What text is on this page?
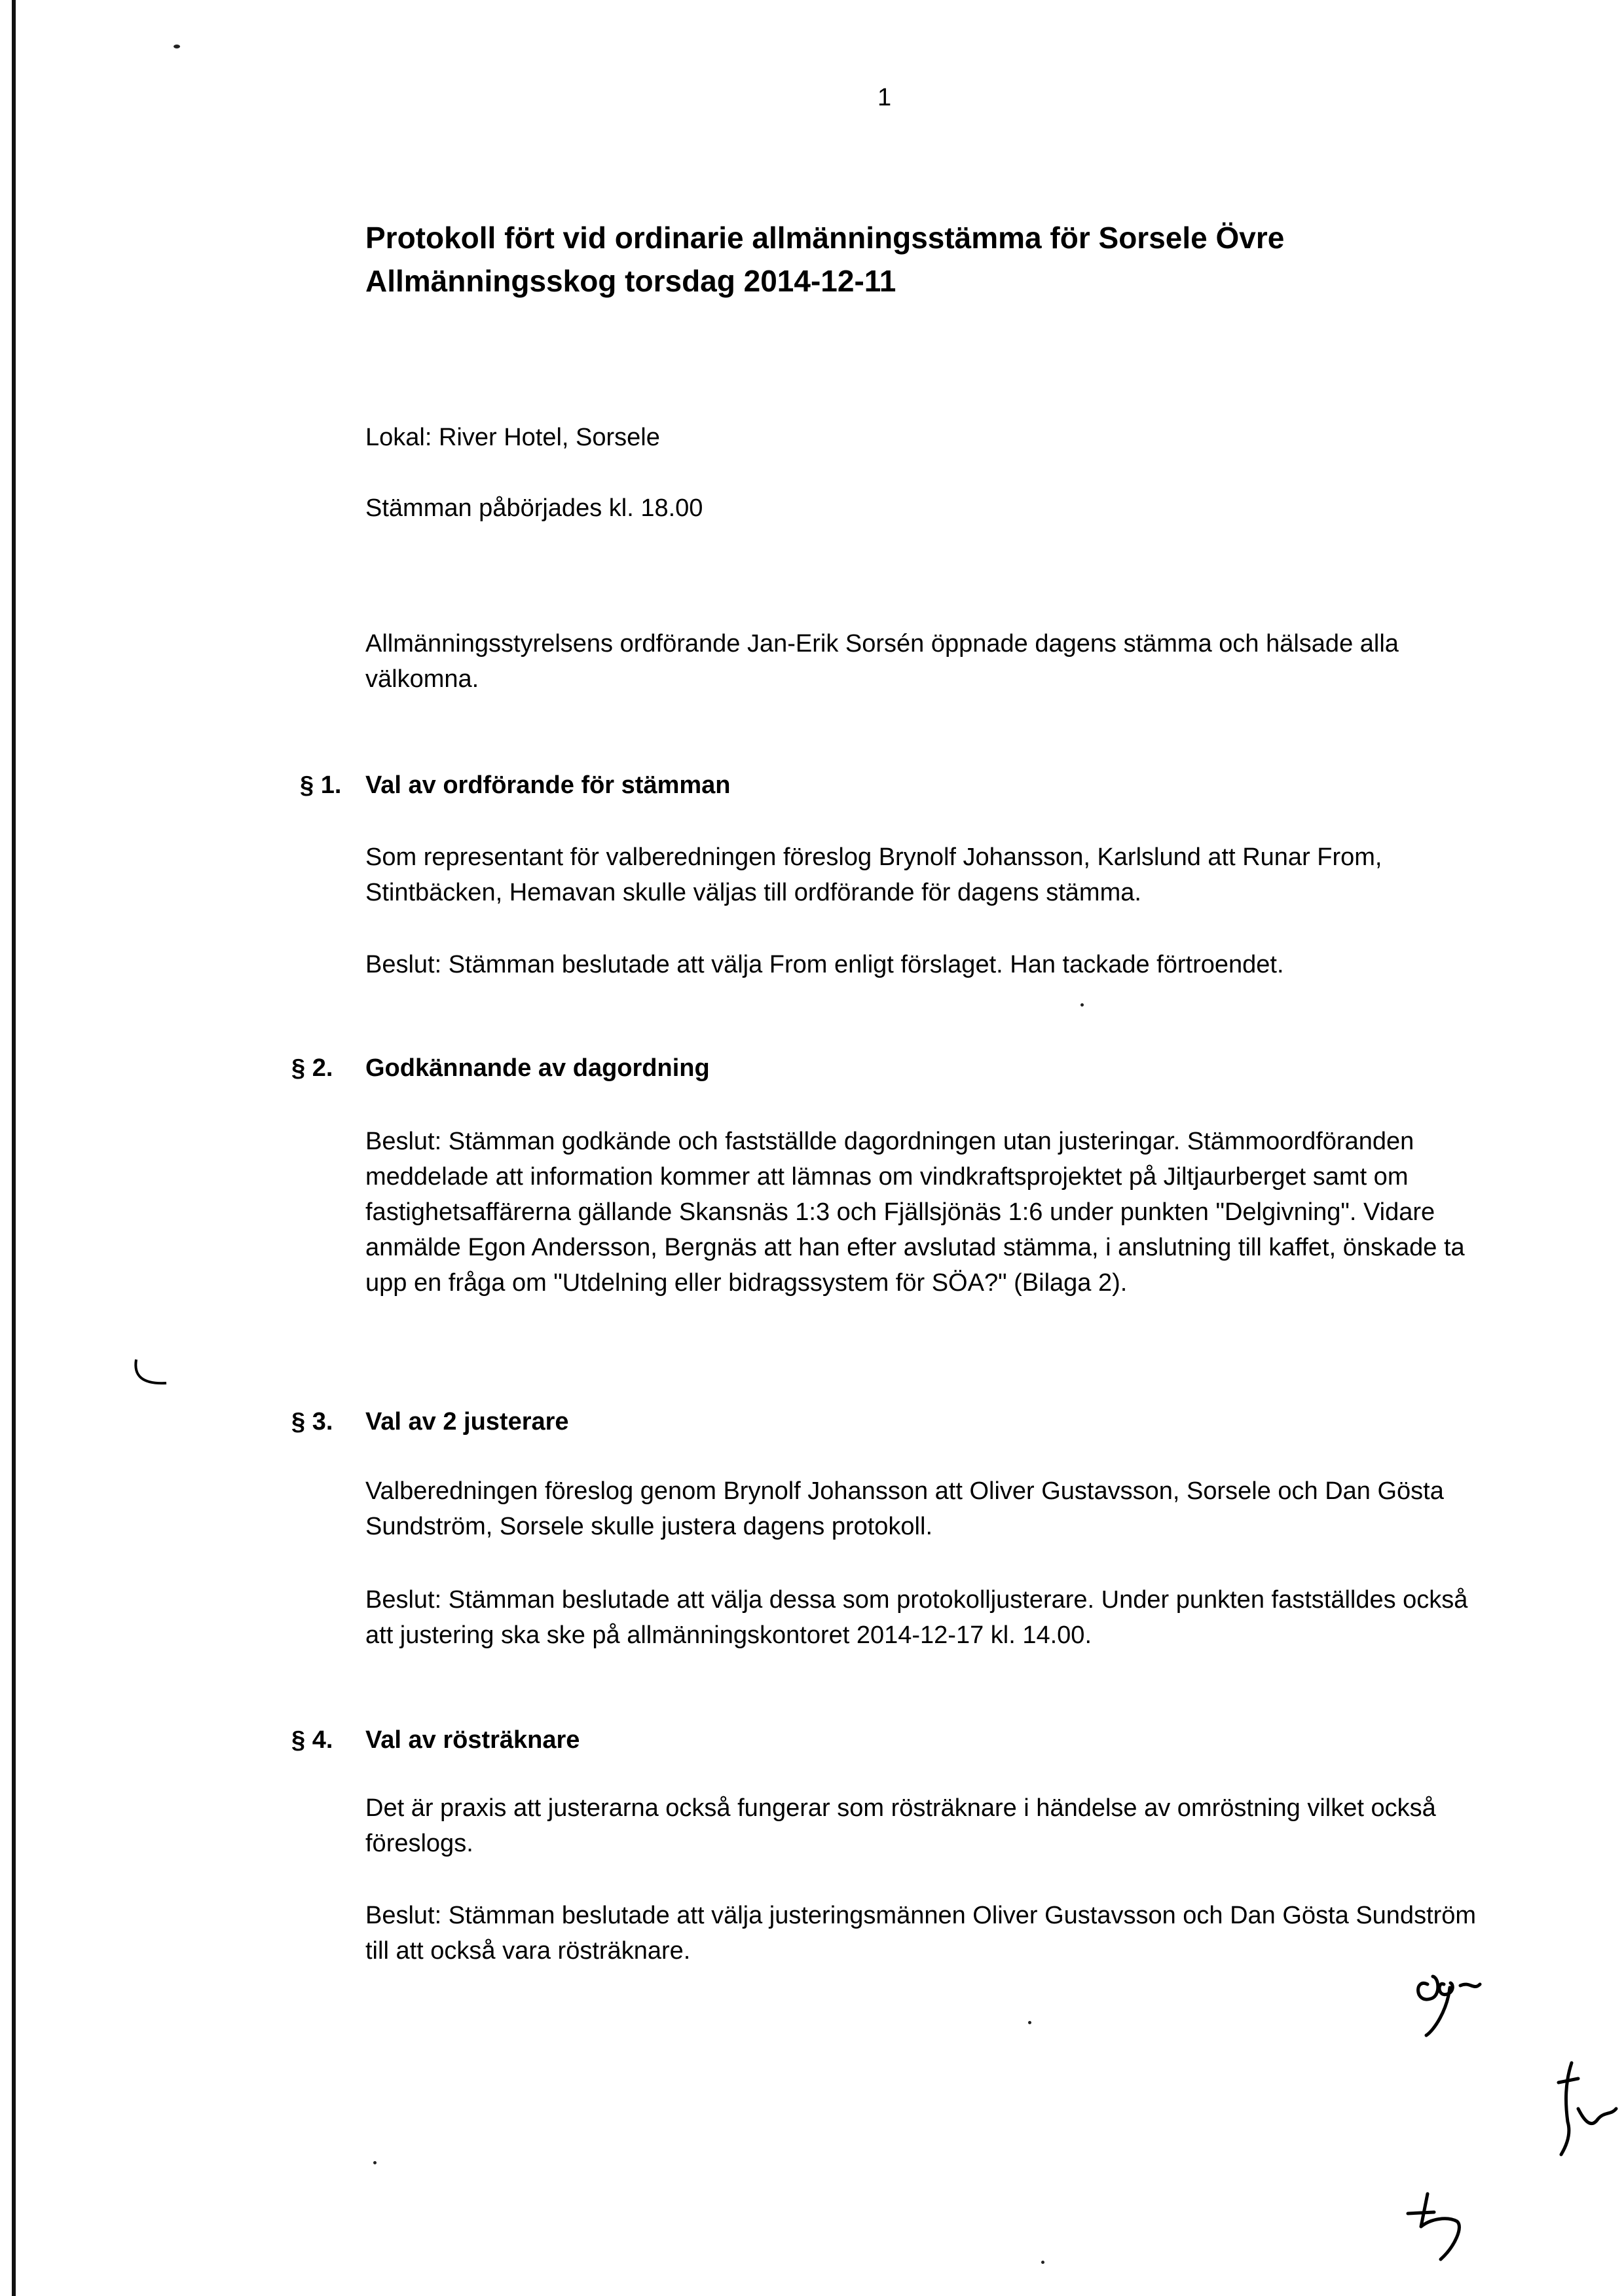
1
Protokoll fört vid ordinarie allmänningsstämma för Sorsele Övre
Allmänningsskog torsdag 2014-12-11
Lokal: River Hotel, Sorsele
Stämman påbörjades kl. 18.00
Allmänningsstyrelsens ordförande Jan-Erik Sorsén öppnade dagens stämma och hälsade alla välkomna.
§ 1. Val av ordförande för stämman
Som representant för valberedningen föreslog Brynolf Johansson, Karlslund att Runar From, Stintbäcken, Hemavan skulle väljas till ordförande för dagens stämma.
Beslut: Stämman beslutade att välja From enligt förslaget. Han tackade förtroendet.
§ 2. Godkännande av dagordning
Beslut: Stämman godkände och fastställde dagordningen utan justeringar. Stämmoordföranden meddelade att information kommer att lämnas om vindkraftsprojektet på Jiltjaurberget samt om fastighetsaffärerna gällande Skansnäs 1:3 och Fjällsjönäs 1:6 under punkten "Delgivning". Vidare anmälde Egon Andersson, Bergnäs att han efter avslutad stämma, i anslutning till kaffet, önskade ta upp en fråga om "Utdelning eller bidragssystem för SÖA?" (Bilaga 2).
§ 3. Val av 2 justerare
Valberedningen föreslog genom Brynolf Johansson att Oliver Gustavsson, Sorsele och Dan Gösta Sundström, Sorsele skulle justera dagens protokoll.
Beslut: Stämman beslutade att välja dessa som protokolljusterare. Under punkten fastställdes också att justering ska ske på allmänningskontoret 2014-12-17 kl. 14.00.
§ 4. Val av rösträknare
Det är praxis att justerarna också fungerar som rösträknare i händelse av omröstning vilket också föreslogs.
Beslut: Stämman beslutade att välja justeringsmännen Oliver Gustavsson och Dan Gösta Sundström till att också vara rösträknare.
